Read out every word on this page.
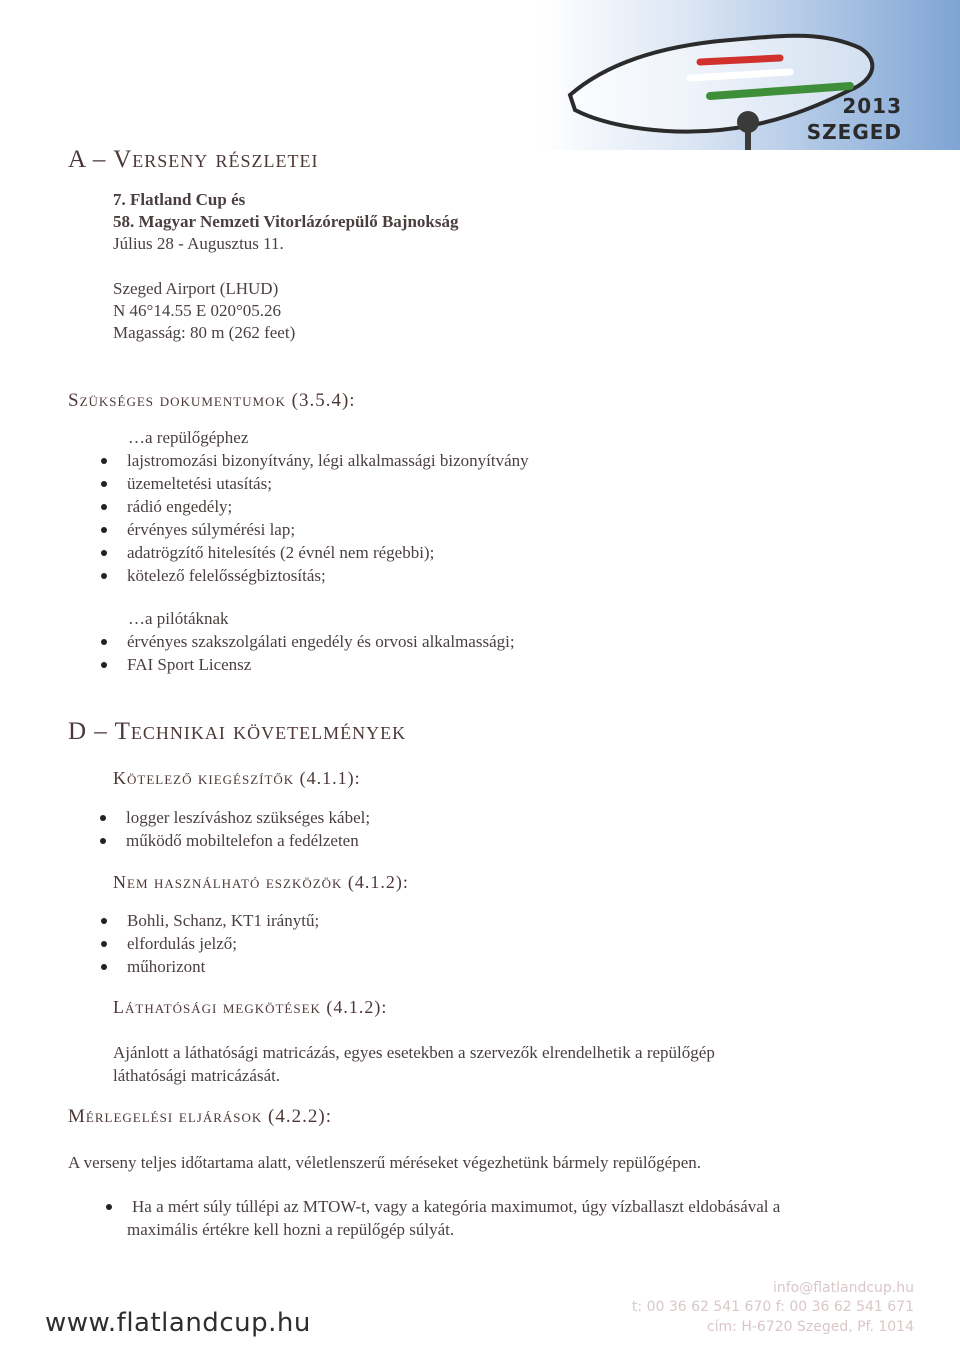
2013
SZEGED
A – Verseny részletei
7. Flatland Cup és
58. Magyar Nemzeti Vitorlázórepülő Bajnokság
Július 28 - Augusztus 11.
Szeged Airport (LHUD)
N 46°14.55 E 020°05.26
Magasság: 80 m (262 feet)
Szükséges dokumentumok (3.5.4):
…a repülőgéphez
lajstromozási bizonyítvány, légi alkalmassági bizonyítvány
üzemeltetési utasítás;
rádió engedély;
érvényes súlymérési lap;
adatrögzítő hitelesítés (2 évnél nem régebbi);
kötelező felelősségbiztosítás;
…a pilótáknak
érvényes szakszolgálati engedély és orvosi alkalmassági;
FAI Sport Licensz
D – Technikai követelmények
Kötelező kiegészítők (4.1.1):
logger leszíváshoz szükséges kábel;
működő mobiltelefon a fedélzeten
Nem használható eszközök (4.1.2):
Bohli, Schanz, KT1 iránytű;
elfordulás jelző;
műhorizont
Láthatósági megkötések (4.1.2):
Ajánlott a láthatósági matricázás, egyes esetekben a szervezők elrendelhetik a repülőgép
láthatósági matricázását.
Mérlegelési eljárások (4.2.2):
A verseny teljes időtartama alatt, véletlenszerű méréseket végezhetünk bármely repülőgépen.
Ha a mért súly túllépi az MTOW-t, vagy a kategória maximumot, úgy vízballaszt eldobásával a
maximális értékre kell hozni a repülőgép súlyát.
www.flatlandcup.hu
info@flatlandcup.hu
t: 00 36 62 541 670 f: 00 36 62 541 671
cím: H-6720 Szeged, Pf. 1014
